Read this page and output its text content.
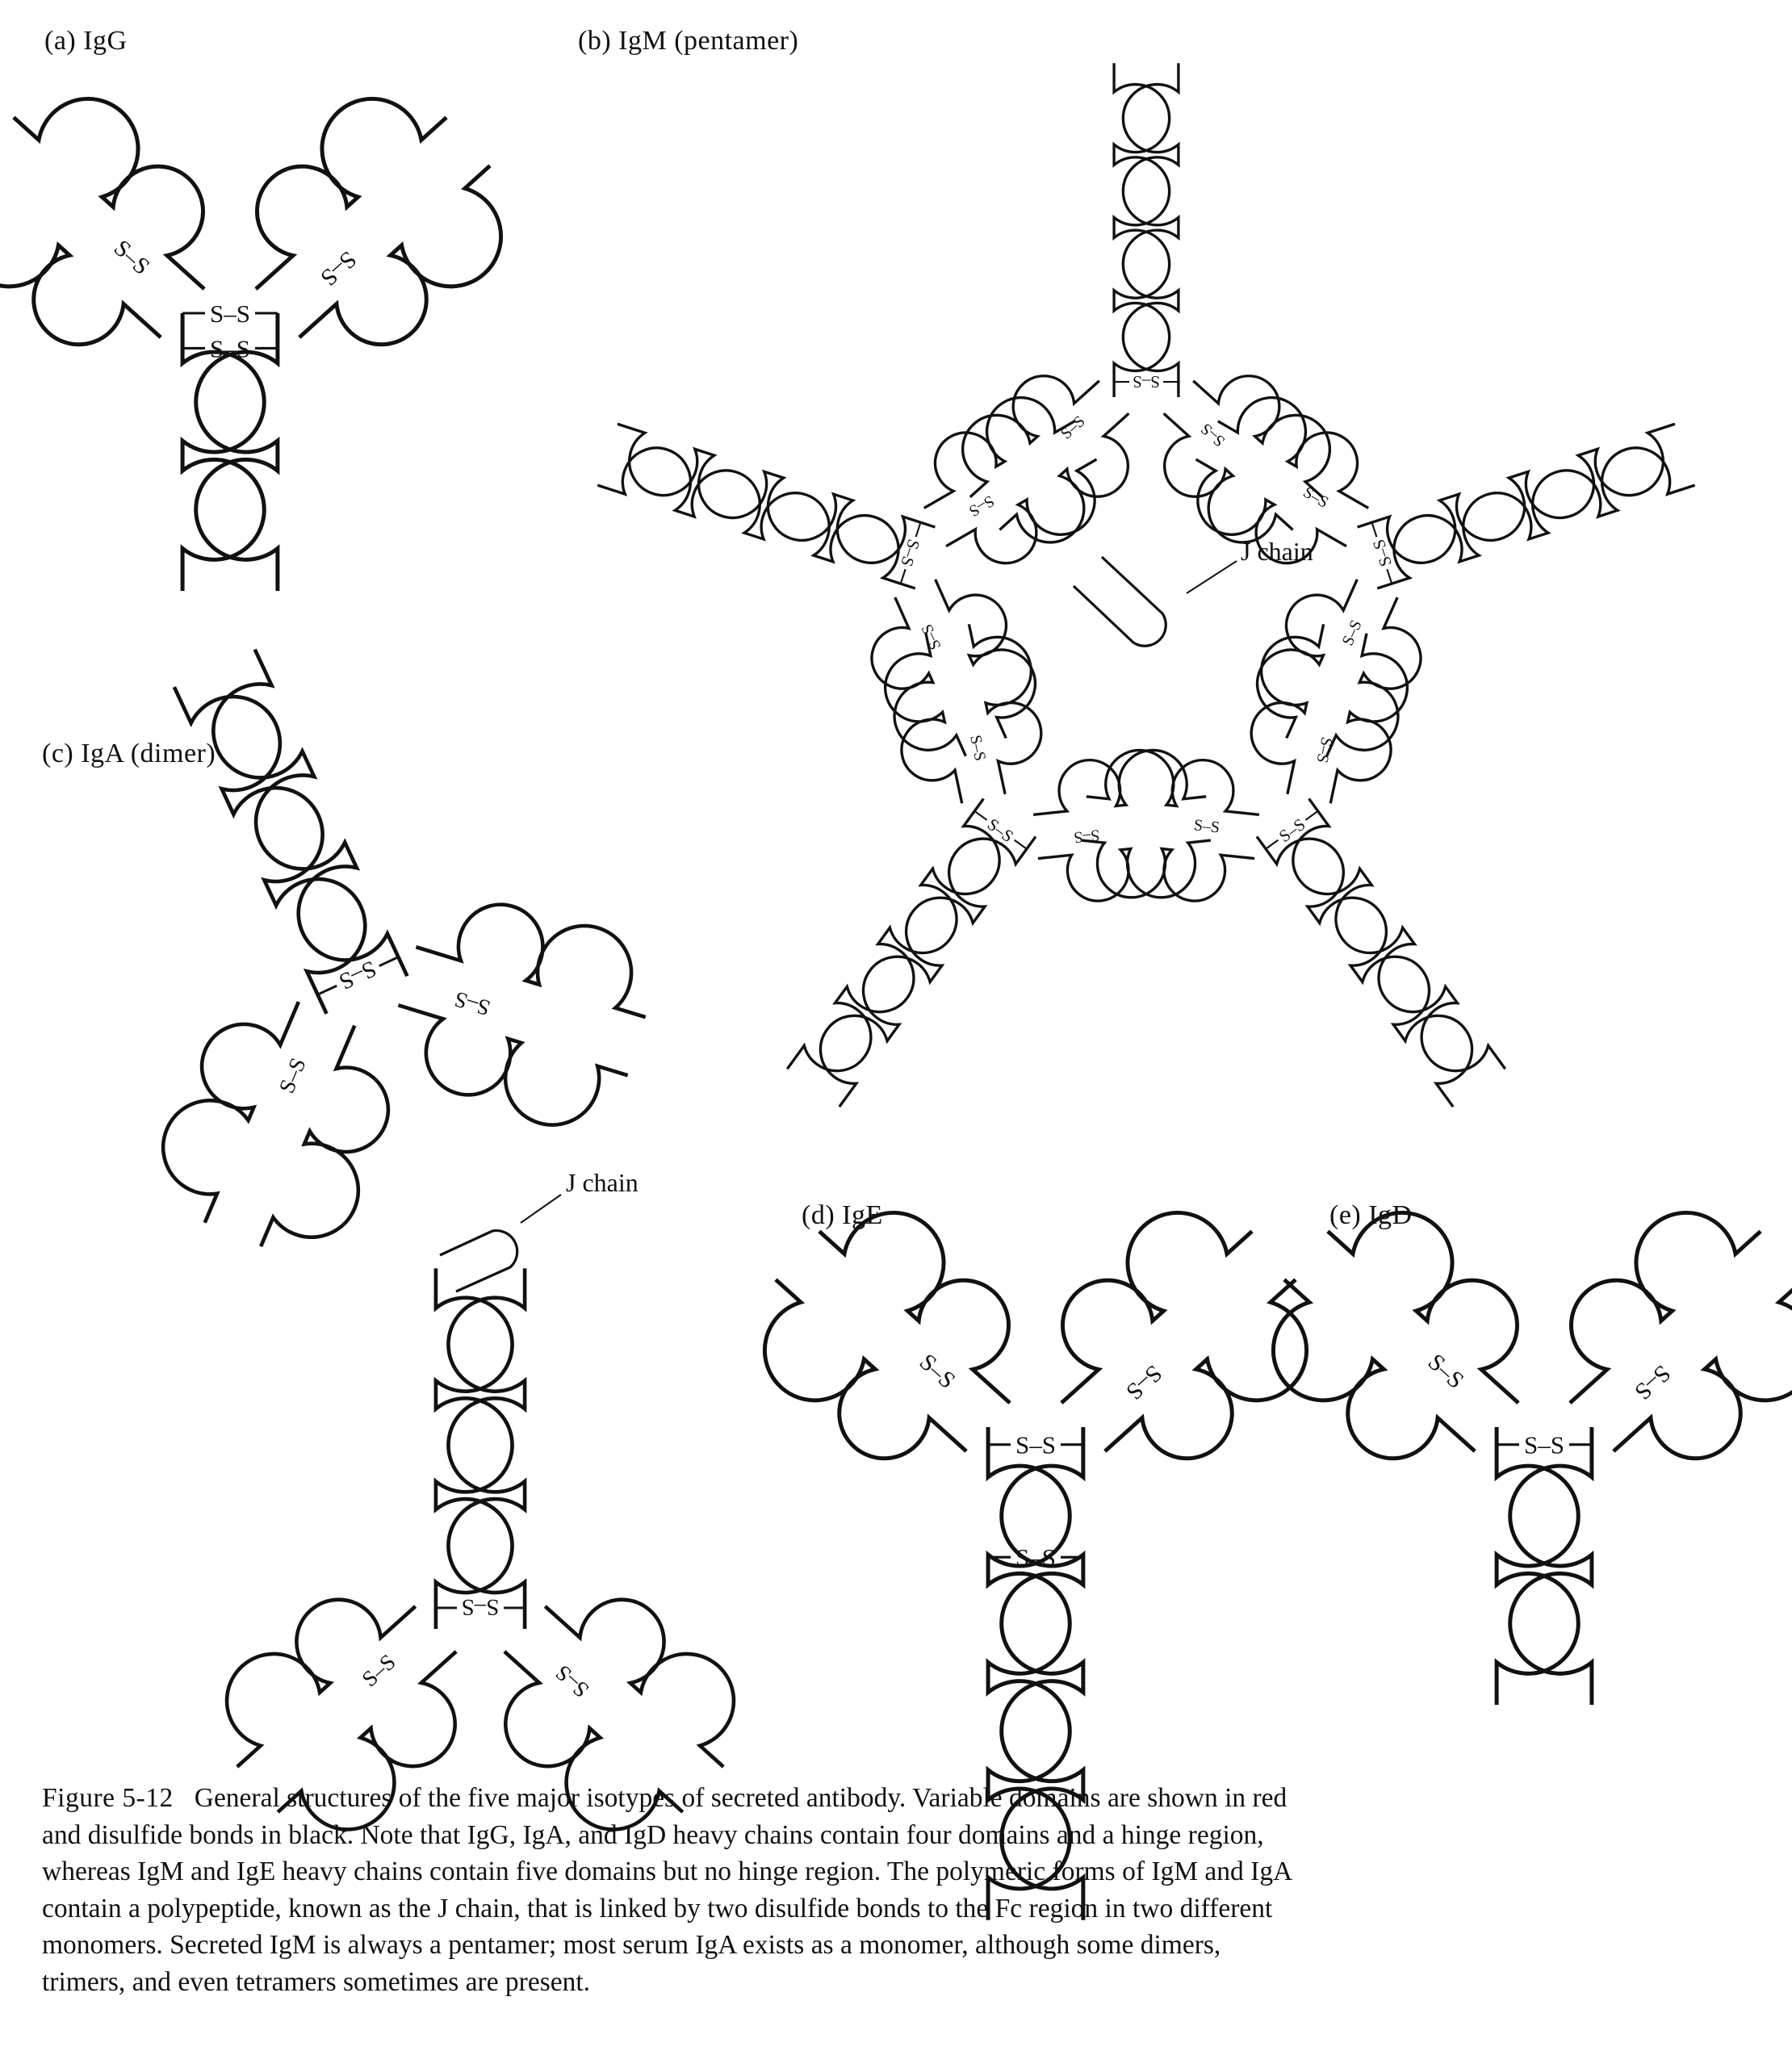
S–S
S–S
S–S	S–S
S–S
S–S
S–S
S–S
S–S
S–S
S–S
S–S
S–S
S–S
S–S
S–S
S–S
S–S
S–S
S–S
S–S
S–S
S–S
S–S
S–S
S–S
S–S
S–S	S–S
S–S
S–S	S–S
(a) IgG	(b) IgM (pentamer)
(c) IgA (dimer)
(d) IgE	(e) IgD
J chain
J chain
Figure 5-12 General structures of the five major isotypes of secreted antibody. Variable domains are shown in red and disulfide bonds in black. Note that IgG, IgA, and IgD heavy chains contain four domains and a hinge region, whereas IgM and IgE heavy chains contain five domains but no hinge region. The polymeric forms of IgM and IgA contain a polypeptide, known as the J chain, that is linked by two disulfide bonds to the Fc region in two different monomers. Secreted IgM is always a pentamer; most serum IgA exists as a monomer, although some dimers, trimers, and even tetramers sometimes are present.
